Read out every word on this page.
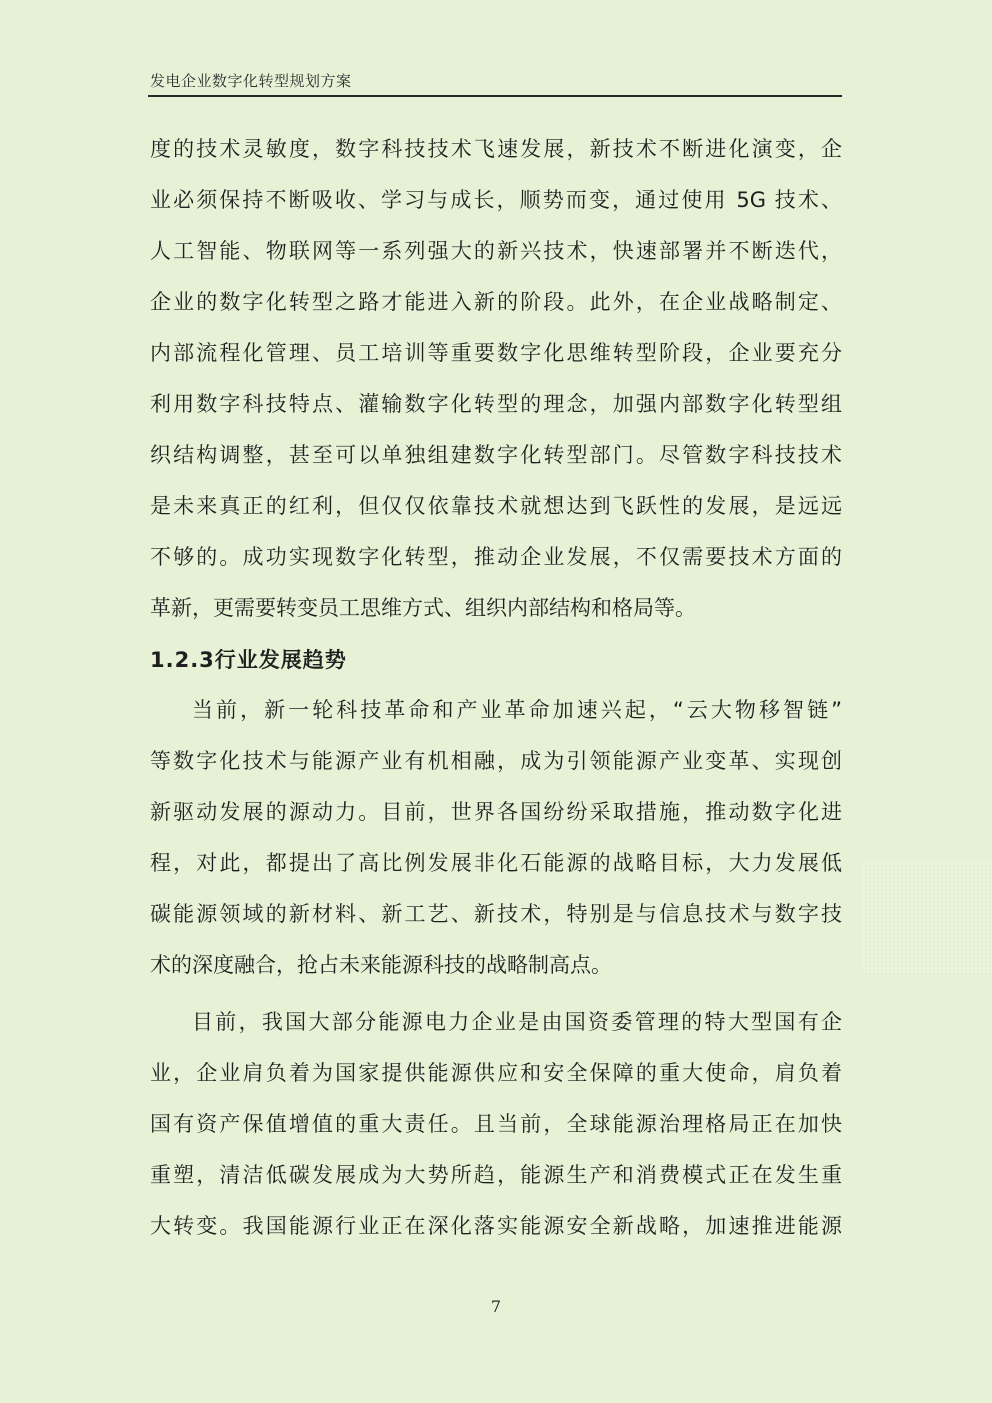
发电企业数字化转型规划方案
度的技术灵敏度，数字科技技术飞速发展，新技术不断进化演变，企
业必须保持不断吸收、学习与成长，顺势而变，通过使用 5G 技术、
人工智能、物联网等一系列强大的新兴技术，快速部署并不断迭代，
企业的数字化转型之路才能进入新的阶段。此外，在企业战略制定、
内部流程化管理、员工培训等重要数字化思维转型阶段，企业要充分
利用数字科技特点、灌输数字化转型的理念，加强内部数字化转型组
织结构调整，甚至可以单独组建数字化转型部门。尽管数字科技技术
是未来真正的红利，但仅仅依靠技术就想达到飞跃性的发展，是远远
不够的。成功实现数字化转型，推动企业发展，不仅需要技术方面的
革新，更需要转变员工思维方式、组织内部结构和格局等。
1.2.3行业发展趋势
当前，新一轮科技革命和产业革命加速兴起，“云大物移智链”
等数字化技术与能源产业有机相融，成为引领能源产业变革、实现创
新驱动发展的源动力。目前，世界各国纷纷采取措施，推动数字化进
程，对此，都提出了高比例发展非化石能源的战略目标，大力发展低
碳能源领域的新材料、新工艺、新技术，特别是与信息技术与数字技
术的深度融合，抢占未来能源科技的战略制高点。
目前，我国大部分能源电力企业是由国资委管理的特大型国有企
业，企业肩负着为国家提供能源供应和安全保障的重大使命，肩负着
国有资产保值增值的重大责任。且当前，全球能源治理格局正在加快
重塑，清洁低碳发展成为大势所趋，能源生产和消费模式正在发生重
大转变。我国能源行业正在深化落实能源安全新战略，加速推进能源
7
